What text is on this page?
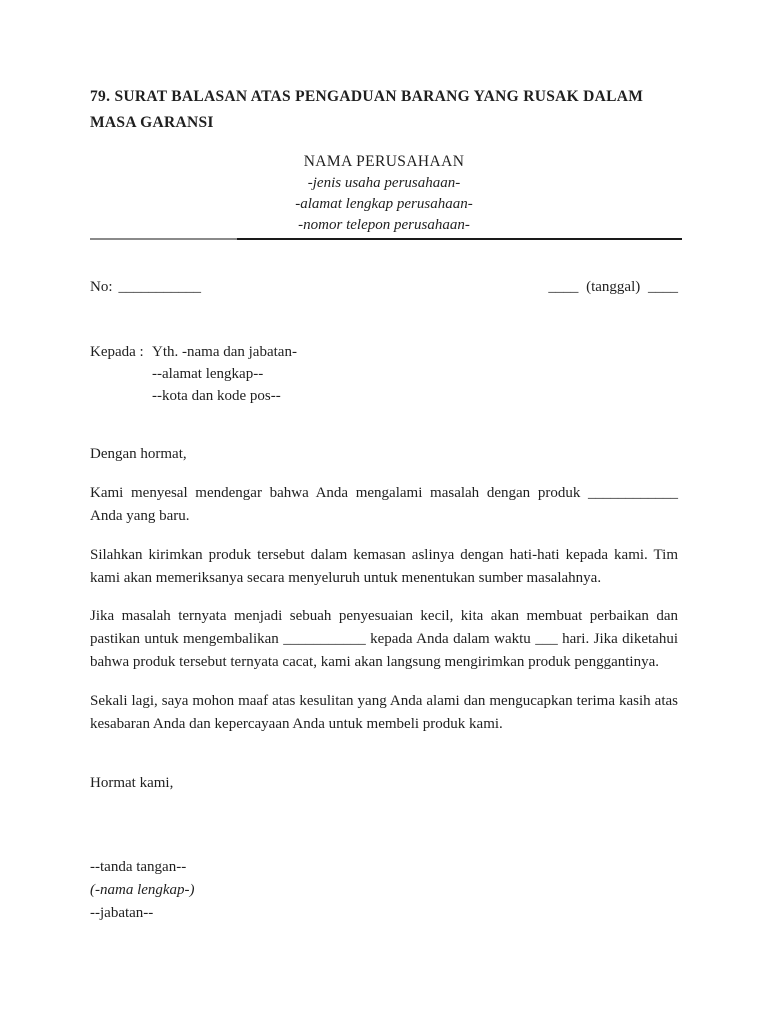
79. SURAT BALASAN ATAS PENGADUAN BARANG YANG RUSAK DALAM MASA GARANSI
NAMA PERUSAHAAN
-jenis usaha perusahaan-
-alamat lengkap perusahaan-
-nomor telepon perusahaan-
No: ___________	____ (tanggal) ____
Kepada : Yth. -nama dan jabatan-
--alamat lengkap--
--kota dan kode pos--
Dengan hormat,
Kami menyesal mendengar bahwa Anda mengalami masalah dengan produk ____________ Anda yang baru.
Silahkan kirimkan produk tersebut dalam kemasan aslinya dengan hati-hati kepada kami. Tim kami akan memeriksanya secara menyeluruh untuk menentukan sumber masalahnya.
Jika masalah ternyata menjadi sebuah penyesuaian kecil, kita akan membuat perbaikan dan pastikan untuk mengembalikan ___________ kepada Anda dalam waktu ___ hari. Jika diketahui bahwa produk tersebut ternyata cacat, kami akan langsung mengirimkan produk penggantinya.
Sekali lagi, saya mohon maaf atas kesulitan yang Anda alami dan mengucapkan terima kasih atas kesabaran Anda dan kepercayaan Anda untuk membeli produk kami.
Hormat kami,
--tanda tangan--
(-nama lengkap-)
--jabatan--
